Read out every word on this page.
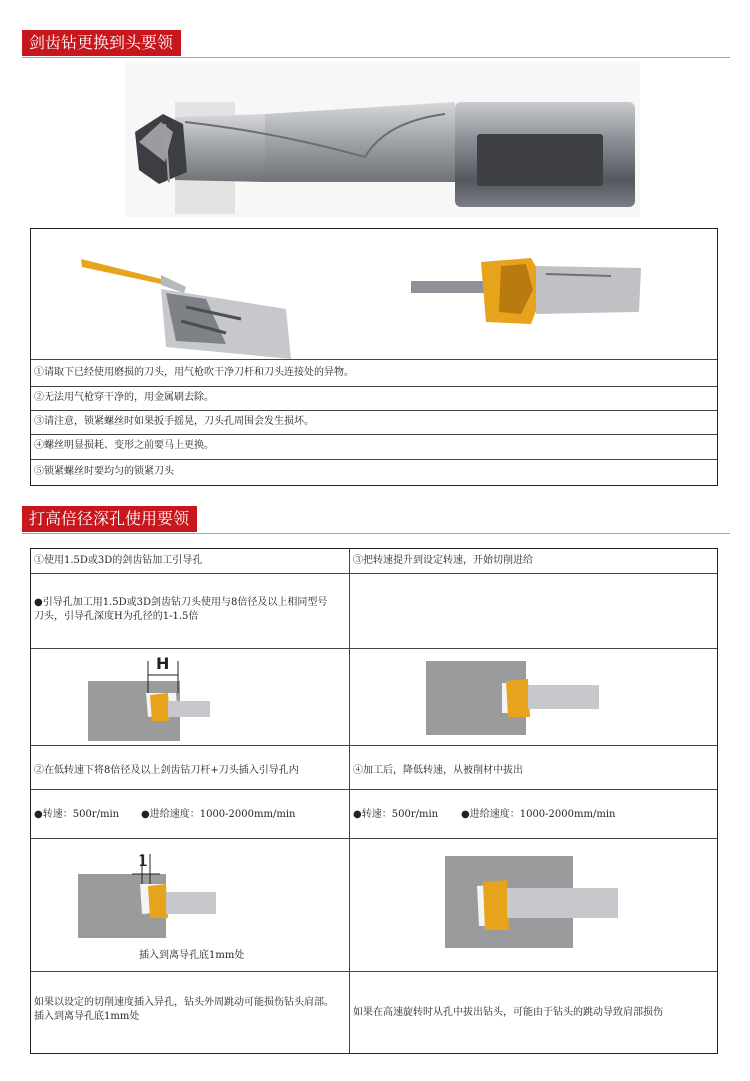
剑齿钻更换到头要领
①请取下已经使用磨损的刀头，用气枪吹干净刀杆和刀头连接处的异物。
②无法用气枪穿干净的，用金属刷去除。
③请注意，锁紧螺丝时如果扳手摇晃，刀头孔周围会发生损坏。
④螺丝明显损耗、变形之前要马上更换。
⑤锁紧螺丝时要均匀的锁紧刀头
打高倍径深孔使用要领
①使用1.5D或3D的剑齿钻加工引导孔
●引导孔加工用1.5D或3D剑齿钻刀头使用与8倍径及以上相同型号刀头，引导孔深度H为孔径的1-1.5倍
H
②在低转速下将8倍径及以上剑齿钻刀杆+刀头插入引导孔内
●转速：500r/min ●进给速度：1000-2000mm/min
1
插入到离导孔底1mm处
如果以设定的切削速度插入异孔，钻头外周跳动可能损伤钻头肩部。插入到离导孔底1mm处
③把转速提升到设定转速，开始切削进给
④加工后，降低转速，从被削材中拔出
●转速：500r/min ●进给速度：1000-2000mm/min
如果在高速旋转时从孔中拔出钻头，可能由于钻头的跳动导致肩部损伤
